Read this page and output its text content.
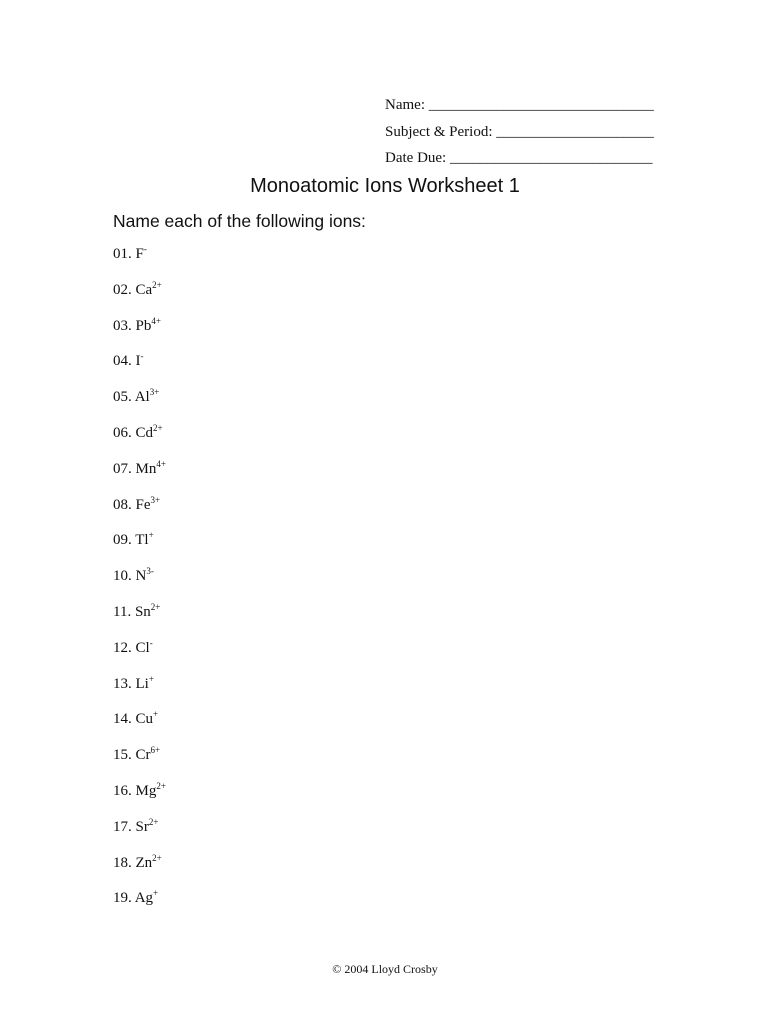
Name: ______________________________
Subject & Period: _____________________
Date Due: ___________________________
Monoatomic Ions Worksheet 1
Name each of the following ions:
01. F-
02. $Ca^{2+}$
03. $Pb^{4+}$
04. I-
05. $Al^{3+}$
06. $Cd^{2+}$
07. $Mn^{4+}$
08. $Fe^{3+}$
09. Tl+
10. $N^{3-}$
11. $Sn^{2+}$
12. Cl-
13. Li+
14. Cu+
15. $Cr^{6+}$
16. $Mg^{2+}$
17. $Sr^{2+}$
18. $Zn^{2+}$
19. Ag+
© 2004 Lloyd Crosby
